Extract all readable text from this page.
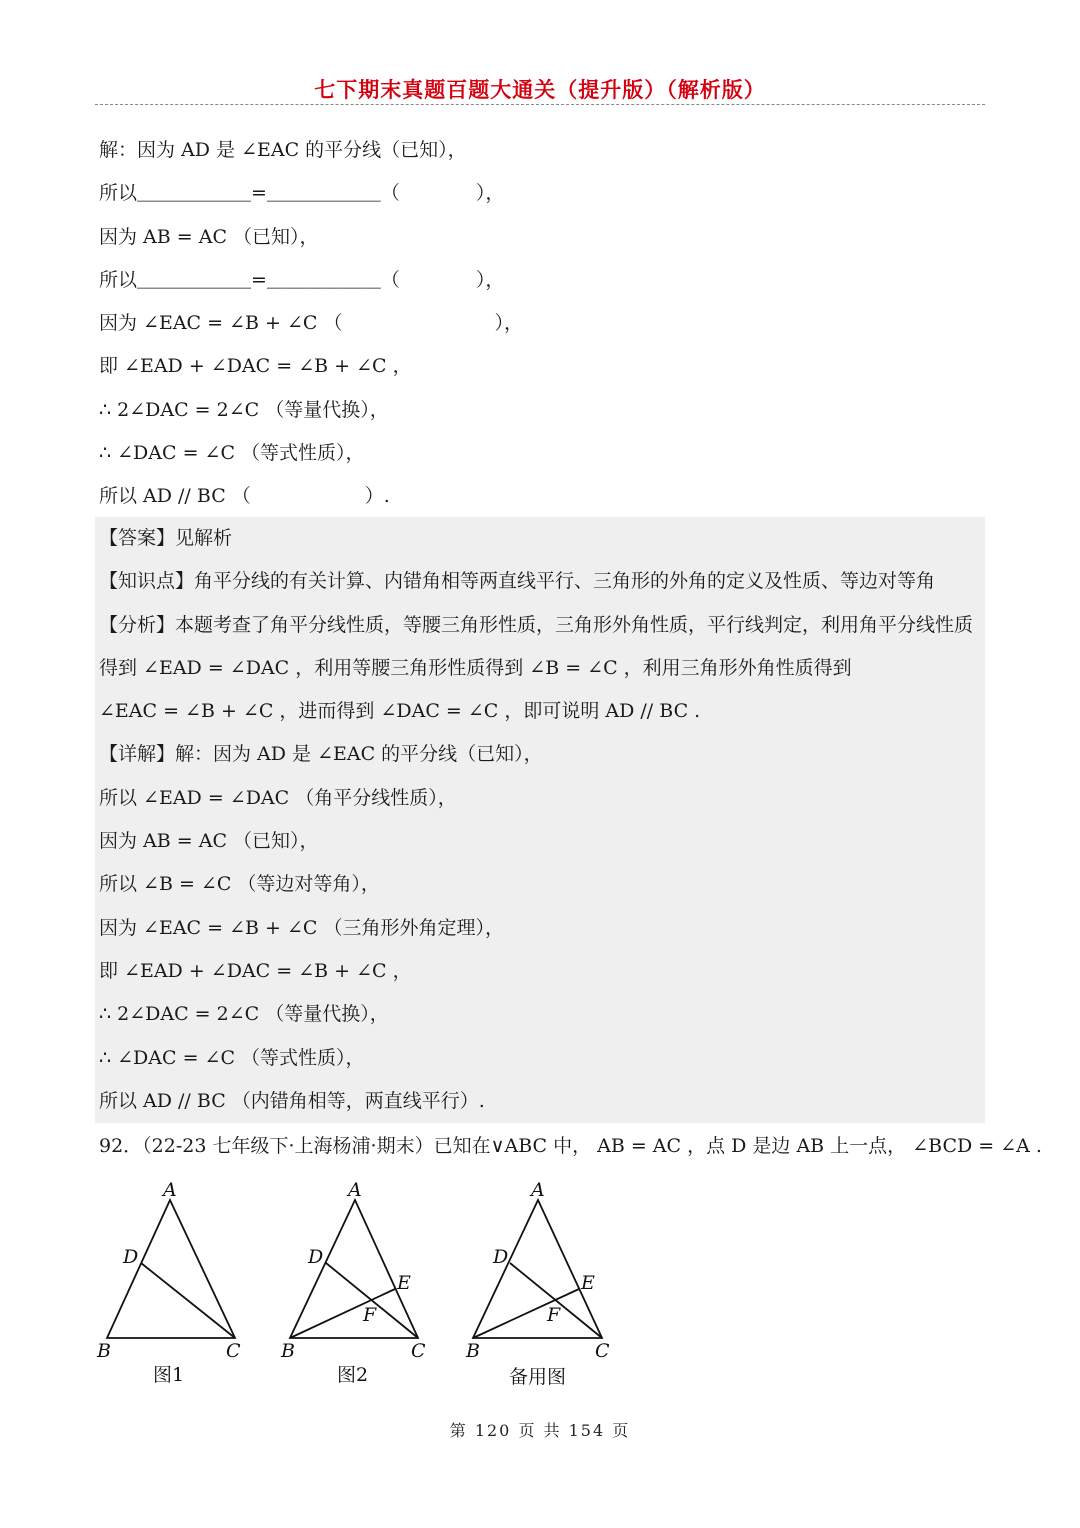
七下期末真题百题大通关（提升版）（解析版）
解：因为 AD 是 ∠EAC 的平分线（已知），
所以＿＿＿＿＿＿=＿＿＿＿＿＿（　　　　），
因为 AB = AC （已知），
所以＿＿＿＿＿＿=＿＿＿＿＿＿（　　　　），
因为 ∠EAC = ∠B + ∠C （　　　　　　　　），
即 ∠EAD + ∠DAC = ∠B + ∠C ，
∴ 2∠DAC = 2∠C （等量代换），
∴ ∠DAC = ∠C （等式性质），
所以 AD // BC （　　　　　　）.
【答案】见解析
【知识点】角平分线的有关计算、内错角相等两直线平行、三角形的外角的定义及性质、等边对等角
【分析】本题考查了角平分线性质，等腰三角形性质，三角形外角性质，平行线判定，利用角平分线性质
得到 ∠EAD = ∠DAC ，利用等腰三角形性质得到 ∠B = ∠C ，利用三角形外角性质得到
∠EAC = ∠B + ∠C ，进而得到 ∠DAC = ∠C ，即可说明 AD // BC .
【详解】解：因为 AD 是 ∠EAC 的平分线（已知），
所以 ∠EAD = ∠DAC （角平分线性质），
因为 AB = AC （已知），
所以 ∠B = ∠C （等边对等角），
因为 ∠EAC = ∠B + ∠C （三角形外角定理），
即 ∠EAD + ∠DAC = ∠B + ∠C ，
∴ 2∠DAC = 2∠C （等量代换），
∴ ∠DAC = ∠C （等式性质），
所以 AD // BC （内错角相等，两直线平行）.
92．（22-23 七年级下·上海杨浦·期末）已知在∨ABC 中， AB = AC ，点 D 是边 AB 上一点， ∠BCD = ∠A .
A
B	C
D
A
B	C
D
E
F
A
B	C
D
E
F
图1	图2	备用图
第 120 页 共 154 页
